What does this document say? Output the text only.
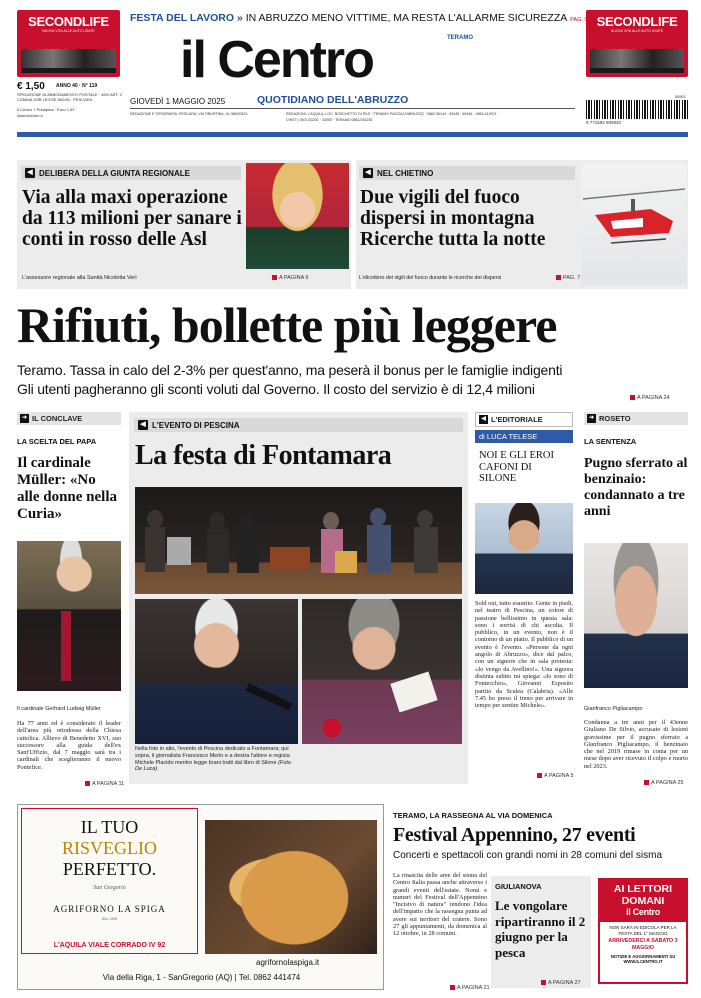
SECONDLIFE
NUOVA VITA ALLE AUTO USATE
SECONDLIFE
NUOVA VITA ALLE AUTO USATE
FESTA DEL LAVORO » IN ABRUZZO MENO VITTIME, MA RESTA L'ALLARME SICUREZZA PAG. 9
il Centro	TERAMO
€ 1,50 ANNO 40 · N° 119
SPEDIZIONE IN ABBONAMENTO POSTALE · 45% ART. 2 COMMA 20/B LEGGE 662/96 · PESCARA
Il Centro + Prealpina · Euro 1,50
www.ilcentro.it
GIOVEDÌ 1 MAGGIO 2025	QUOTIDIANO DELL'ABRUZZO
REDAZIONE E TIPOGRAFIA: PESCARA, VIA TIBURTINA, 9L 085/20521	REDAZIONI: L'AQUILA, LOC. BOSCHETTO DI PILE · TERAMO PIAZZA D'ABRUZZO · 0862 56144 · 63445 · 60446 · 0863 414974
CHIETI: 0871/33201 · 33000 · TERAMO 0861/245230
50501
9 771592 906820
◀ DELIBERA DELLA GIUNTA REGIONALE
Via alla maxi operazione da 113 milioni per sanare i conti in rosso delle Asl
L'assessore regionale alla Sanità Nicoletta Verì	A PAGINA 6
◀ NEL CHIETINO
Due vigili del fuoco dispersi in montagna Ricerche tutta la notte
L'elicottero dei vigili del fuoco durante le ricerche dei dispersi	PAG. 7
Rifiuti, bollette più leggere
Teramo. Tassa in calo del 2-3% per quest'anno, ma peserà il bonus per le famiglie indigenti
Gli utenti pagheranno gli sconti voluti dal Governo. Il costo del servizio è di 12,4 milioni
A PAGINA 24
➜ IL CONCLAVE
LA SCELTA DEL PAPA
Il cardinale Müller: «No alle donne nella Curia»
Il cardinale Gerhard Ludwig Müller
Ha 77 anni ed è considerato il leader dell'area più ortodossa della Chiesa cattolica. Allievo di Benedetto XVI, suo successore alla guida dell'ex Sant'Uffizio, dal 7 maggio sarà tra i cardinali che sceglieranno il nuovo Pontefice.
A PAGINA 11
◀ L'EVENTO DI PESCINA
La festa di Fontamara
Nella foto in alto, l'evento di Pescina dedicato a Fontamara; qui sopra, il giornalista Francesco Merlo e a destra l'attore e regista Michele Placido mentre legge brani tratti dal libro di Silone (Foto De Luca)
◀ L'EDITORIALE
di LUCA TELESE
NOI E GLI EROI CAFONI DI SILONE
Sold out, tutto esaurito. Gente in piedi, nel teatro di Pescina, un colore di passione bellissimo in questa sala: sono i sorrisi di chi ascolta. Il pubblico, in un evento, non è il contorno di un piatto. Il pubblico di un evento è l'evento. «Persone da ogni angolo di Abruzzo», dice dal palco, con un signore che in sala protesta: «Io vengo da Avellino!». Una signora distinta subito mi spiega: «Io sono di Fontecchio», Giovanni Esposito partito da Scalea (Calabria). «Alle 7.45 ho preso il treno per arrivare in tempo per sentire Michele».
A PAGINA 5
➜ ROSETO
LA SENTENZA
Pugno sferrato al benzinaio: condannato a tre anni
Gianfranco Pigliacampo
Condanna a tre anni per il 43enne Giuliano De Silvio, accusato di lesioni gravissime per il pugno sferrato a Gianfranco Pigliacampo, il benzinaio che nel 2019 rimase in coma per un mese dopo aver ricevuto il colpo e morto nel 2023.
A PAGINA 25
IL TUO
RISVEGLIO
PERFETTO.
San Gregorio
AGRIFORNO LA SPIGA
DAL 1990
L'AQUILA VIALE CORRADO IV 92
agrifornolaspiga.it
Via della Riga, 1 - SanGregorio (AQ) | Tel. 0862 441474
TERAMO, LA RASSEGNA AL VIA DOMENICA
Festival Appennino, 27 eventi
Concerti e spettacoli con grandi nomi in 28 comuni del sisma
La rinascita delle aree del sisma del Centro Italia passa anche attraverso i grandi eventi dell'estate. Nomi e numeri del Festival dell'Appennino "Incisivo di natura" rendono l'idea dell'impatto che la rassegna punta ad avere sui territori del cratere. Sono 27 gli appuntamenti, da domenica al 12 ottobre, in 28 comuni.
A PAGINA 21
GIULIANOVA
Le vongolare ripartiranno il 2 giugno per la pesca
A PAGINA 27
AI LETTORI
DOMANI
il Centro
NON SARÀ IN EDICOLA PER LA FESTA DEL 1° MAGGIO
ARRIVEDERCI A SABATO 3 MAGGIO
NOTIZIE E AGGIORNAMENTI SU WWW.ILCENTRO.IT
